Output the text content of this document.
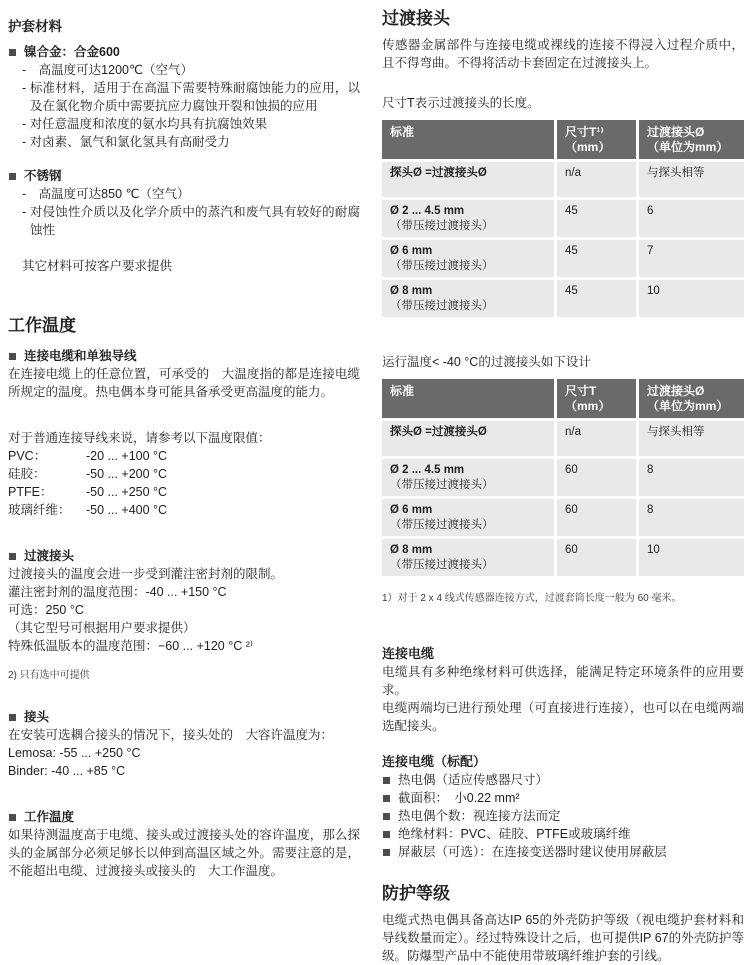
护套材料
镍合金：合金600
-　高温度可达1200℃（空气）
- 标准材料，适用于在高温下需要特殊耐腐蚀能力的应用，以及在氯化物介质中需要抗应力腐蚀开裂和蚀损的应用
- 对任意温度和浓度的氨水均具有抗腐蚀效果
- 对卤素、氯气和氯化氢具有高耐受力
不锈钢
-　高温度可达850 ℃（空气）
- 对侵蚀性介质以及化学介质中的蒸汽和废气具有较好的耐腐蚀性
其它材料可按客户要求提供
工作温度
连接电缆和单独导线

在连接电缆上的任意位置，可承受的　大温度指的都是连接电缆所规定的温度。热电偶本身可能具备承受更高温度的能力。

对于普通连接导线来说，请参考以下温度限值：

PVC：	-20 ... +100 °C
硅胶：	-50 ... +200 °C
PTFE：	-50 ... +250 °C
玻璃纤维：	-50 ... +400 °C
过渡接头
过渡接头的温度会进一步受到灌注密封剂的限制。
灌注密封剂的温度范围：-40 ... +150 °C
可选：250 °C
（其它型号可根据用户要求提供）
特殊低温版本的温度范围：−60 ... +120 °C ²⁾
2) 只有选中可提供
接头
在安装可选耦合接头的情况下，接头处的　大容许温度为：
Lemosa: -55 ... +250 °C
Binder: -40 ... +85 °C
工作温度

如果待测温度高于电缆、接头或过渡接头处的容许温度，那么探头的金属部分必须足够长以伸到高温区域之外。需要注意的是，不能超出电缆、过渡接头或接头的　大工作温度。

过渡接头

传感器金属部件与连接电缆或裸线的连接不得浸入过程介质中，且不得弯曲。不得将活动卡套固定在过渡接头上。

尺寸T表示过渡接头的长度。
标准	尺寸T¹⁾
（mm）
过渡接头Ø
（单位为mm）
探头Ø =过渡接头Ø	n/a	与探头相等
Ø 2 ... 4.5 mm
（带压接过渡接头）
45	6
Ø 6 mm
（带压接过渡接头）
45	7
Ø 8 mm
（带压接过渡接头）
45	10
运行温度< -40 °C的过渡接头如下设计
标准	尺寸T
（mm）
过渡接头Ø
（单位为mm）
探头Ø =过渡接头Ø	n/a	与探头相等
Ø 2 ... 4.5 mm
（带压接过渡接头）
60	8
Ø 6 mm
（带压接过渡接头）
60	8
Ø 8 mm
（带压接过渡接头）
60	10
1）对于 2 x 4 线式传感器连接方式，过渡套筒长度一般为 60 毫米。
连接电缆

电缆具有多种绝缘材料可供选择，能满足特定环境条件的应用要求。

电缆两端均已进行预处理（可直接进行连接），也可以在电缆两端选配接头。

连接电缆（标配）
热电偶（适应传感器尺寸）
截面积：　小0.22 mm²
热电偶个数：视连接方法而定
绝缘材料：PVC、硅胶、PTFE或玻璃纤维
屏蔽层（可选）：在连接变送器时建议使用屏蔽层
防护等级

电缆式热电偶具备高达IP 65的外壳防护等级（视电缆护套材料和导线数量而定）。经过特殊设计之后，也可提供IP 67的外壳防护等级。防爆型产品中不能使用带玻璃纤维护套的引线。
